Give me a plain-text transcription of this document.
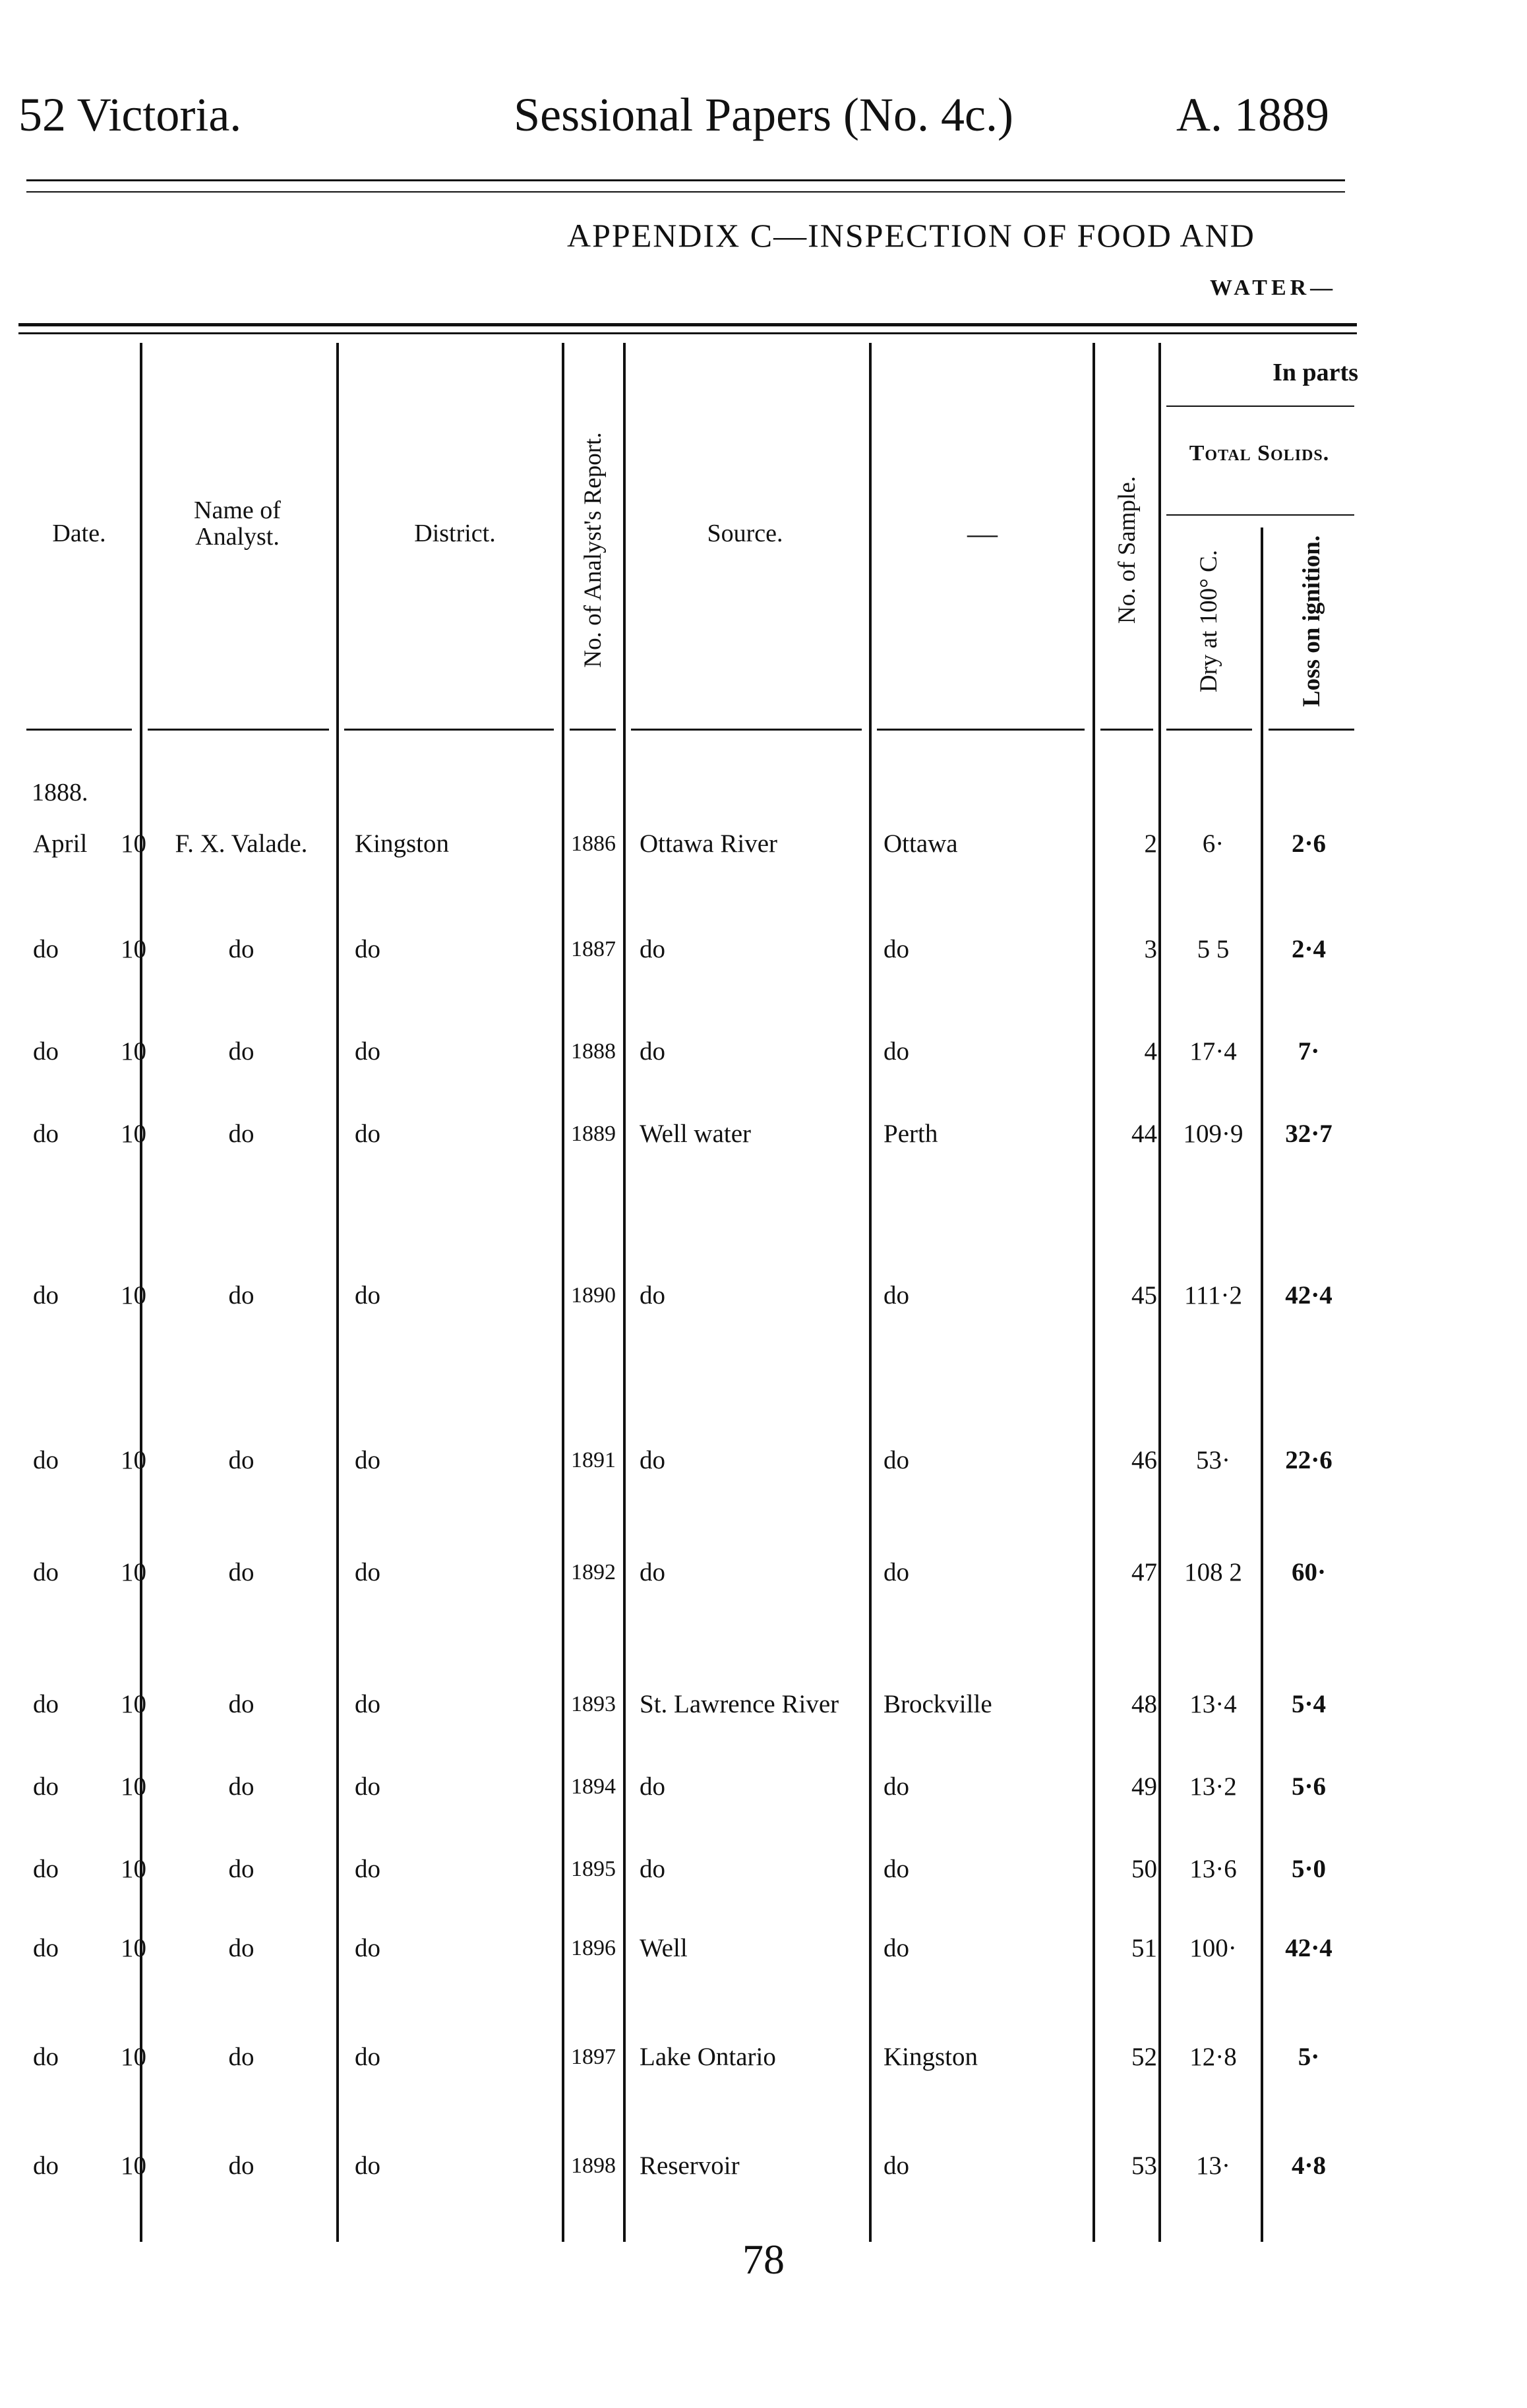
52 Victoria.	Sessional Papers (No. 4c.)	A. 1889
APPENDIX C—INSPECTION OF FOOD AND
WATER—
Date.
Name of Analyst.	District.	No. of Analyst's Report.	Source.	—	No. of Sample.
In parts
Total Solids.
Dry at 100° C.	Loss on ignition.
1888.
April	10	F. X. Valade.	Kingston	1886 Ottawa River	Ottawa	2	6·	2·6
do	10	do	do	1887 do	do	3	5 5	2·4
do	10	do	do	1888 do	do	4	17·4	7·
do	10	do	do	1889 Well water	Perth	44	109·9	32·7
do	10	do	do	1890 do	do	45	111·2	42·4
do	10	do	do	1891 do	do	46	53·	22·6
do	10	do	do	1892 do	do	47	108 2	60·
do	10	do	do	1893 St. Lawrence River	Brockville	48	13·4	5·4
do	10	do	do	1894 do	do	49	13·2	5·6
do	10	do	do	1895 do	do	50	13·6	5·0
do	10	do	do	1896 Well	do	51	100·	42·4
do	10	do	do	1897 Lake Ontario	Kingston	52	12·8	5·
do	10	do	do	1898 Reservoir	do	53	13·	4·8
78
